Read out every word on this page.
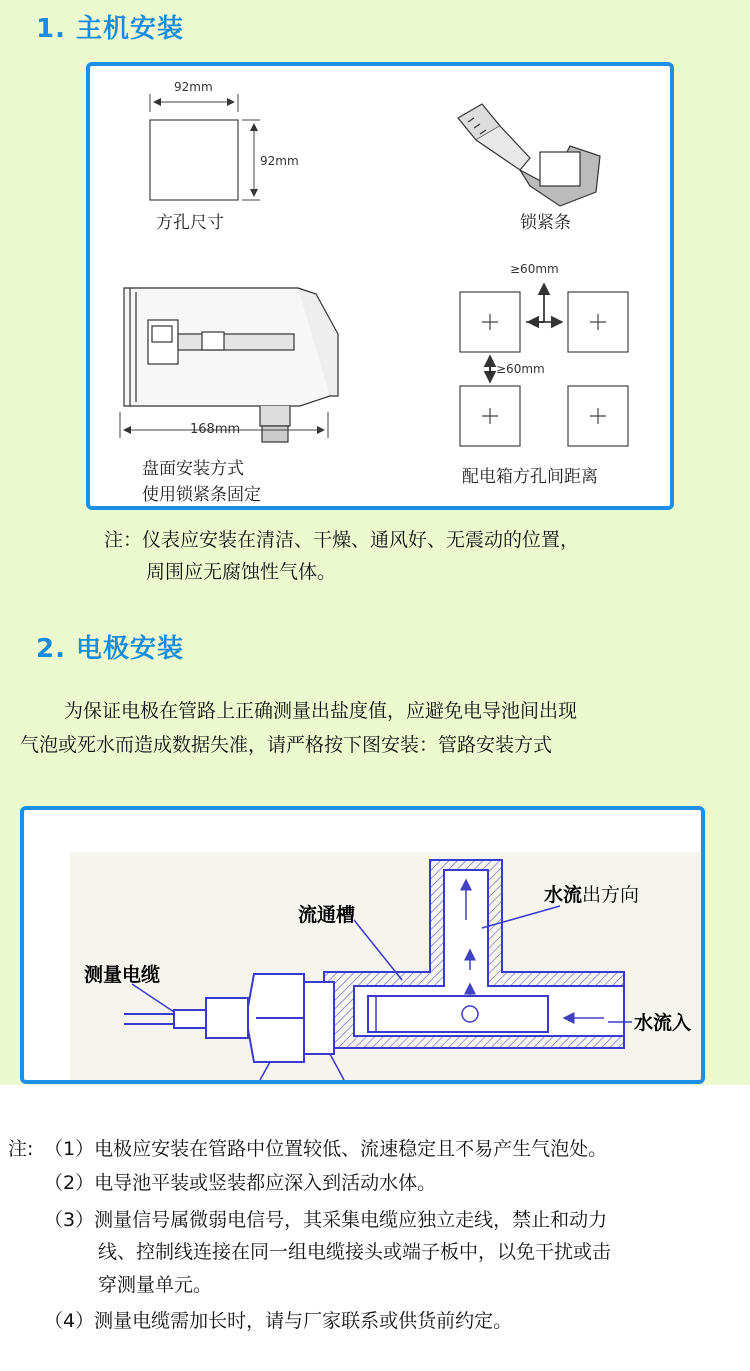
1. 主机安装
92mm
92mm
方孔尺寸	锁紧条
168mm
盘面安装方式
使用锁紧条固定
≥60mm
≥60mm
配电箱方孔间距离
注：仪表应安装在清洁、干燥、通风好、无震动的位置，
周围应无腐蚀性气体。
2. 电极安装
为保证电极在管路上正确测量出盐度值，应避免电导池间出现
气泡或死水而造成数据失准，请严格按下图安装：管路安装方式
流通槽
测量电缆
水流出方向
水流入
注: （1）电极应安装在管路中位置较低、流速稳定且不易产生气泡处。
（2）电导池平装或竖装都应深入到活动水体。
（3）测量信号属微弱电信号，其采集电缆应独立走线，禁止和动力
线、控制线连接在同一组电缆接头或端子板中，以免干扰或击
穿测量单元。
（4）测量电缆需加长时，请与厂家联系或供货前约定。
